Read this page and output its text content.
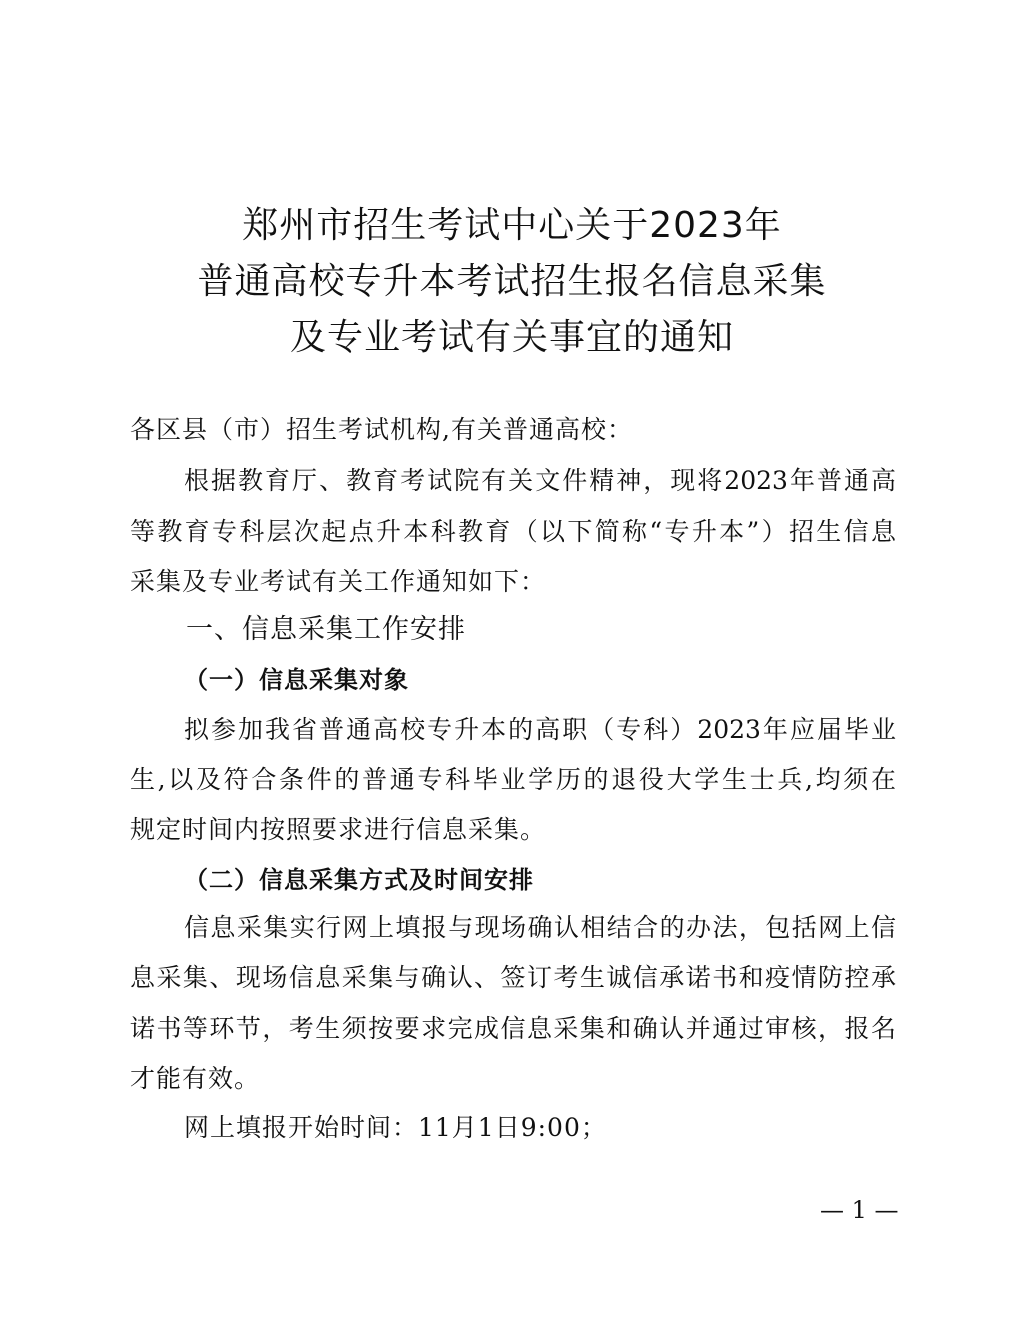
郑州市招生考试中心关于2023年
普通高校专升本考试招生报名信息采集
及专业考试有关事宜的通知
各区县（市）招生考试机构,有关普通高校：
根据教育厅、教育考试院有关文件精神，现将2023年普通高
等教育专科层次起点升本科教育（以下简称“专升本”）招生信息
采集及专业考试有关工作通知如下：
一、信息采集工作安排
（一）信息采集对象
拟参加我省普通高校专升本的高职（专科）2023年应届毕业
生,以及符合条件的普通专科毕业学历的退役大学生士兵,均须在
规定时间内按照要求进行信息采集。
（二）信息采集方式及时间安排
信息采集实行网上填报与现场确认相结合的办法，包括网上信
息采集、现场信息采集与确认、签订考生诚信承诺书和疫情防控承
诺书等环节，考生须按要求完成信息采集和确认并通过审核，报名
才能有效。
网上填报开始时间：11月1日9:00；
— 1 —
